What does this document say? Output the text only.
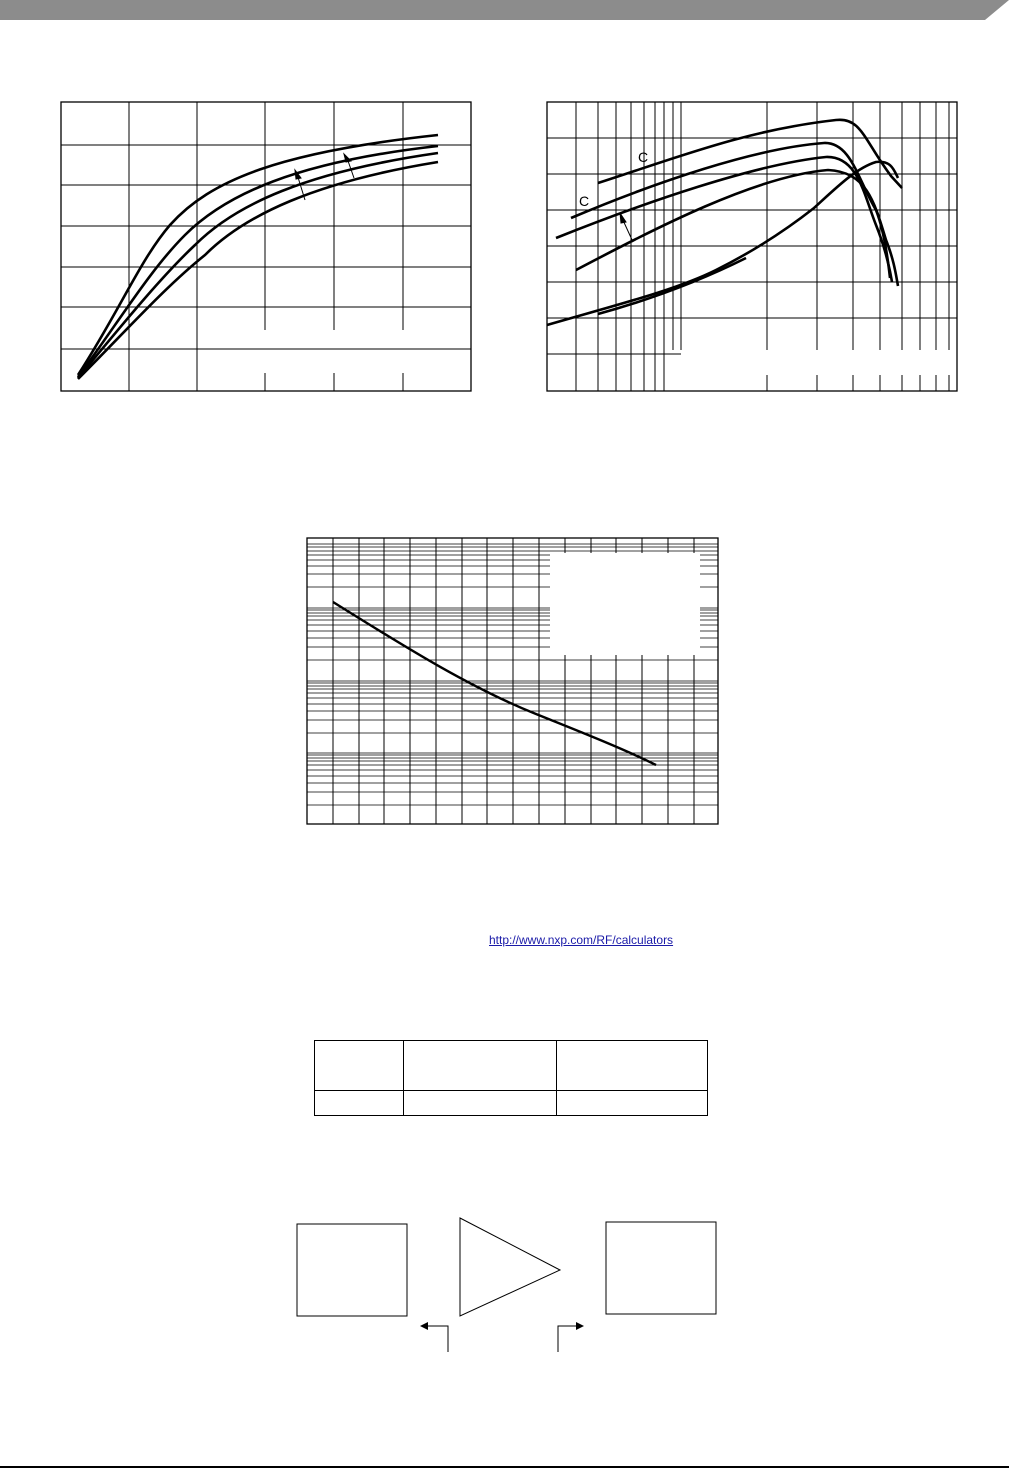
C
C
http://www.nxp.com/RF/calculators
